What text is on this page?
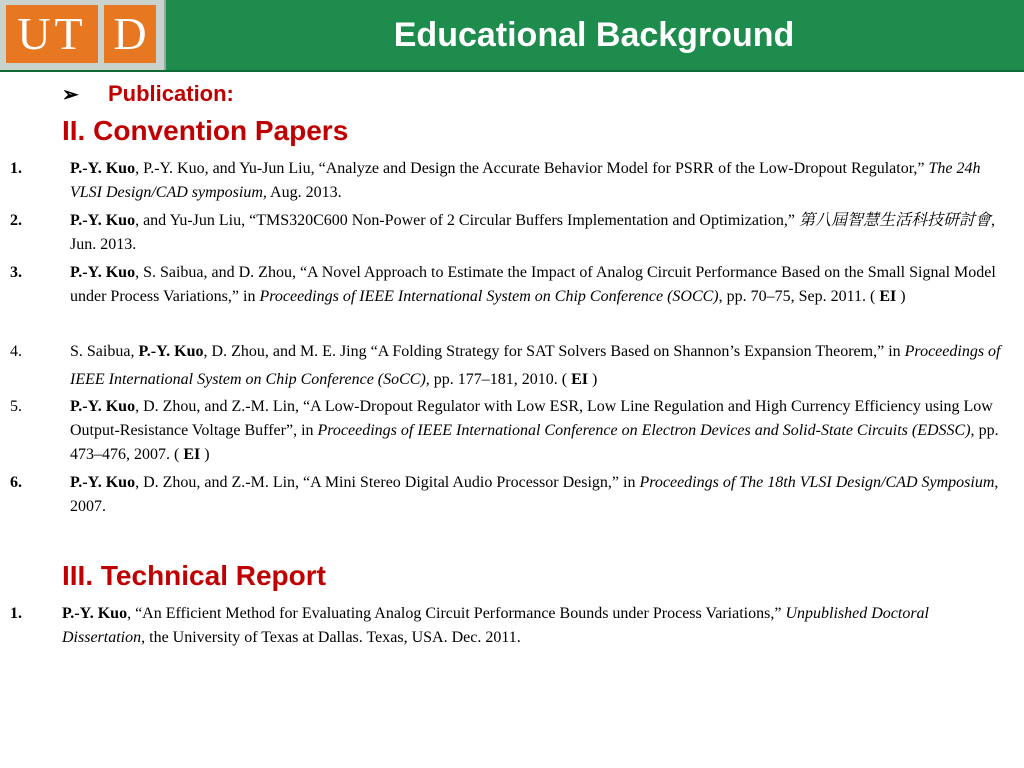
UT D	Educational Background
➢ Publication:
II. Convention Papers
1.	P.-Y. Kuo, P.-Y. Kuo, and Yu-Jun Liu, “Analyze and Design the Accurate Behavior Model for PSRR of the Low-Dropout Regulator,” The 24h VLSI Design/CAD symposium, Aug. 2013.
2.	P.-Y. Kuo, and Yu-Jun Liu, “TMS320C600 Non-Power of 2 Circular Buffers Implementation and Optimization,” 第八屆智慧生活科技研討會, Jun. 2013.
3.	P.-Y. Kuo, S. Saibua, and D. Zhou, “A Novel Approach to Estimate the Impact of Analog Circuit Performance Based on the Small Signal Model under Process Variations,” in Proceedings of IEEE International System on Chip Conference (SOCC), pp. 70–75, Sep. 2011. ( EI )
4.	S. Saibua, P.-Y. Kuo, D. Zhou, and M. E. Jing “A Folding Strategy for SAT Solvers Based on Shannon’s Expansion Theorem,” in Proceedings of IEEE International System on Chip Conference (SoCC), pp. 177–181, 2010. ( EI )
5.	P.-Y. Kuo, D. Zhou, and Z.-M. Lin, “A Low-Dropout Regulator with Low ESR, Low Line Regulation and High Currency Efficiency using Low Output-Resistance Voltage Buffer”, in Proceedings of IEEE International Conference on Electron Devices and Solid-State Circuits (EDSSC), pp. 473–476, 2007. ( EI )
6.	P.-Y. Kuo, D. Zhou, and Z.-M. Lin, “A Mini Stereo Digital Audio Processor Design,” in Proceedings of The 18th VLSI Design/CAD Symposium, 2007.
III. Technical Report
1.	P.-Y. Kuo, “An Efficient Method for Evaluating Analog Circuit Performance Bounds under Process Variations,” Unpublished Doctoral Dissertation, the University of Texas at Dallas. Texas, USA. Dec. 2011.
